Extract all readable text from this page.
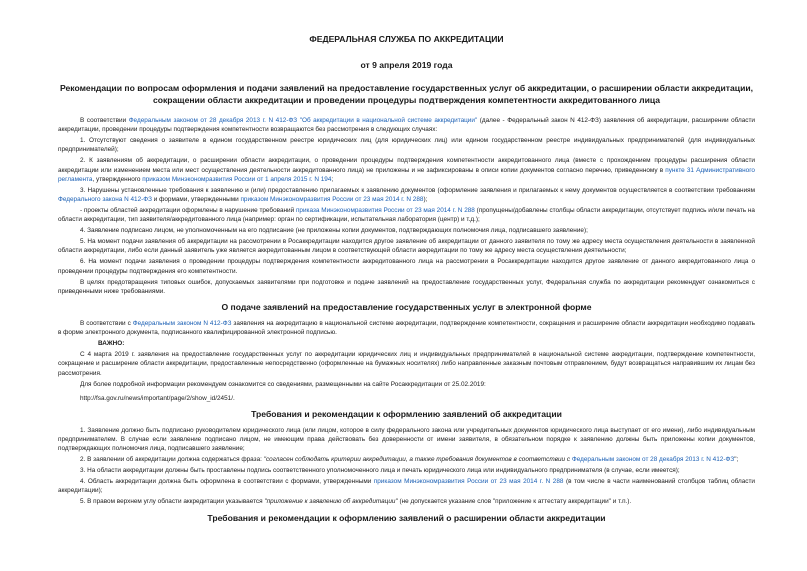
ФЕДЕРАЛЬНАЯ СЛУЖБА ПО АККРЕДИТАЦИИ
от 9 апреля 2019 года
Рекомендации по вопросам оформления и подачи заявлений на предоставление государственных услуг об аккредитации, о расширении области аккредитации,
сокращении области аккредитации и проведении процедуры подтверждения компетентности аккредитованного лица

В соответствии Федеральным законом от 28 декабря 2013 г. N 412-ФЗ "Об аккредитации в национальной системе аккредитации" (далее - Федеральный закон N 412-ФЗ) заявления об аккредитации, расширении области аккредитации, проведении процедуры подтверждения компетентности возвращаются без рассмотрения в следующих случаях:

1. Отсутствуют сведения о заявителе в едином государственном реестре юридических лиц (для юридических лиц) или едином государственном реестре индивидуальных предпринимателей (для индивидуальных предпринимателей);

2. К заявлениям об аккредитации, о расширении области аккредитации, о проведении процедуры подтверждения компетентности аккредитованного лица (вместе с прохождением процедуры расширения области аккредитации или изменением места или мест осуществления деятельности аккредитованного лица) не приложены и не зафиксированы в описи копии документов согласно перечню, приведенному в пункте 31 Административного регламента, утвержденного приказом Минэкономразвития России от 1 апреля 2015 г. N 194;

3. Нарушены установленные требования к заявлению и (или) предоставлению прилагаемых к заявлению документов (оформление заявления и прилагаемых к нему документов осуществляется в соответствии требованиям Федерального закона N 412-ФЗ и формами, утвержденными приказом Минэкономразвития России от 23 мая 2014 г. N 288);

- проекты областей аккредитации оформлены в нарушение требований приказа Минэкономразвития России от 23 мая 2014 г. N 288 (пропущены/добавлены столбцы области аккредитации, отсутствует подпись и/или печать на области аккредитации, тип заявителя/аккредитованного лица (например: орган по сертификации, испытательная лаборатория (центр) и т.д.);

4. Заявление подписано лицом, не уполномоченным на его подписание (не приложены копии документов, подтверждающих полномочия лица, подписавшего заявление);

5. На момент подачи заявления об аккредитации на рассмотрении в Росаккредитации находится другое заявление об аккредитации от данного заявителя по тому же адресу места осуществления деятельности в заявленной области аккредитации, либо если данный заявитель уже является аккредитованным лицом в соответствующей области аккредитации по тому же адресу места осуществления деятельности;

6. На момент подачи заявления о проведении процедуры подтверждения компетентности аккредитованного лица на рассмотрении в Росаккредитации находится другое заявление от данного аккредитованного лица о проведении процедуры подтверждения его компетентности.

В целях предотвращения типовых ошибок, допускаемых заявителями при подготовке и подаче заявлений на предоставление государственных услуг, Федеральная служба по аккредитации рекомендует ознакомиться с приведенными ниже требованиями.

О подаче заявлений на предоставление государственных услуг в электронной форме

В соответствии с Федеральным законом N 412-ФЗ заявления на аккредитацию в национальной системе аккредитации, подтверждение компетентности, сокращения и расширение области аккредитации необходимо подавать в форме электронного документа, подписанного квалифицированной электронной подписью.

ВАЖНО:

С 4 марта 2019 г. заявления на предоставление государственных услуг по аккредитации юридических лиц и индивидуальных предпринимателей в национальной системе аккредитации, подтверждение компетентности, сокращение и расширение области аккредитации, предоставленные непосредственно (оформленные на бумажных носителях) либо направленные заказным почтовым отправлением, будут возвращаться направившим их лицам без рассмотрения.

Для более подробной информации рекомендуем ознакомится со сведениями, размещенными на сайте Росаккредитации от 25.02.2019:

http://fsa.gov.ru/news/important/page/2/show_id/2451/.

Требования и рекомендации к оформлению заявлений об аккредитации

1. Заявление должно быть подписано руководителем юридического лица (или лицом, которое в силу федерального закона или учредительных документов юридического лица выступает от его имени), либо индивидуальным предпринимателем. В случае если заявление подписано лицом, не имеющим права действовать без доверенности от имени заявителя, в обязательном порядке к заявлению должны быть приложены копии документов, подтверждающих полномочия лица, подписавшего заявление;

2. В заявлении об аккредитации должна содержаться фраза: "согласен соблюдать критерии аккредитации, а также требования документов в соответствии с Федеральным законом от 28 декабря 2013 г. N 412-ФЗ";

3. На области аккредитации должны быть проставлены подпись соответственного уполномоченного лица и печать юридического лица или индивидуального предпринимателя (в случае, если имеется);

4. Область аккредитации должна быть оформлена в соответствии с формами, утвержденными приказом Минэкономразвития России от 23 мая 2014 г. N 288 (в том числе в части наименований столбцов таблиц области аккредитации);

5. В правом верхнем углу области аккредитации указывается "приложение к заявлению об аккредитации" (не допускается указание слов "приложение к аттестату аккредитации" и т.п.).

Требования и рекомендации к оформлению заявлений о расширении области аккредитации
